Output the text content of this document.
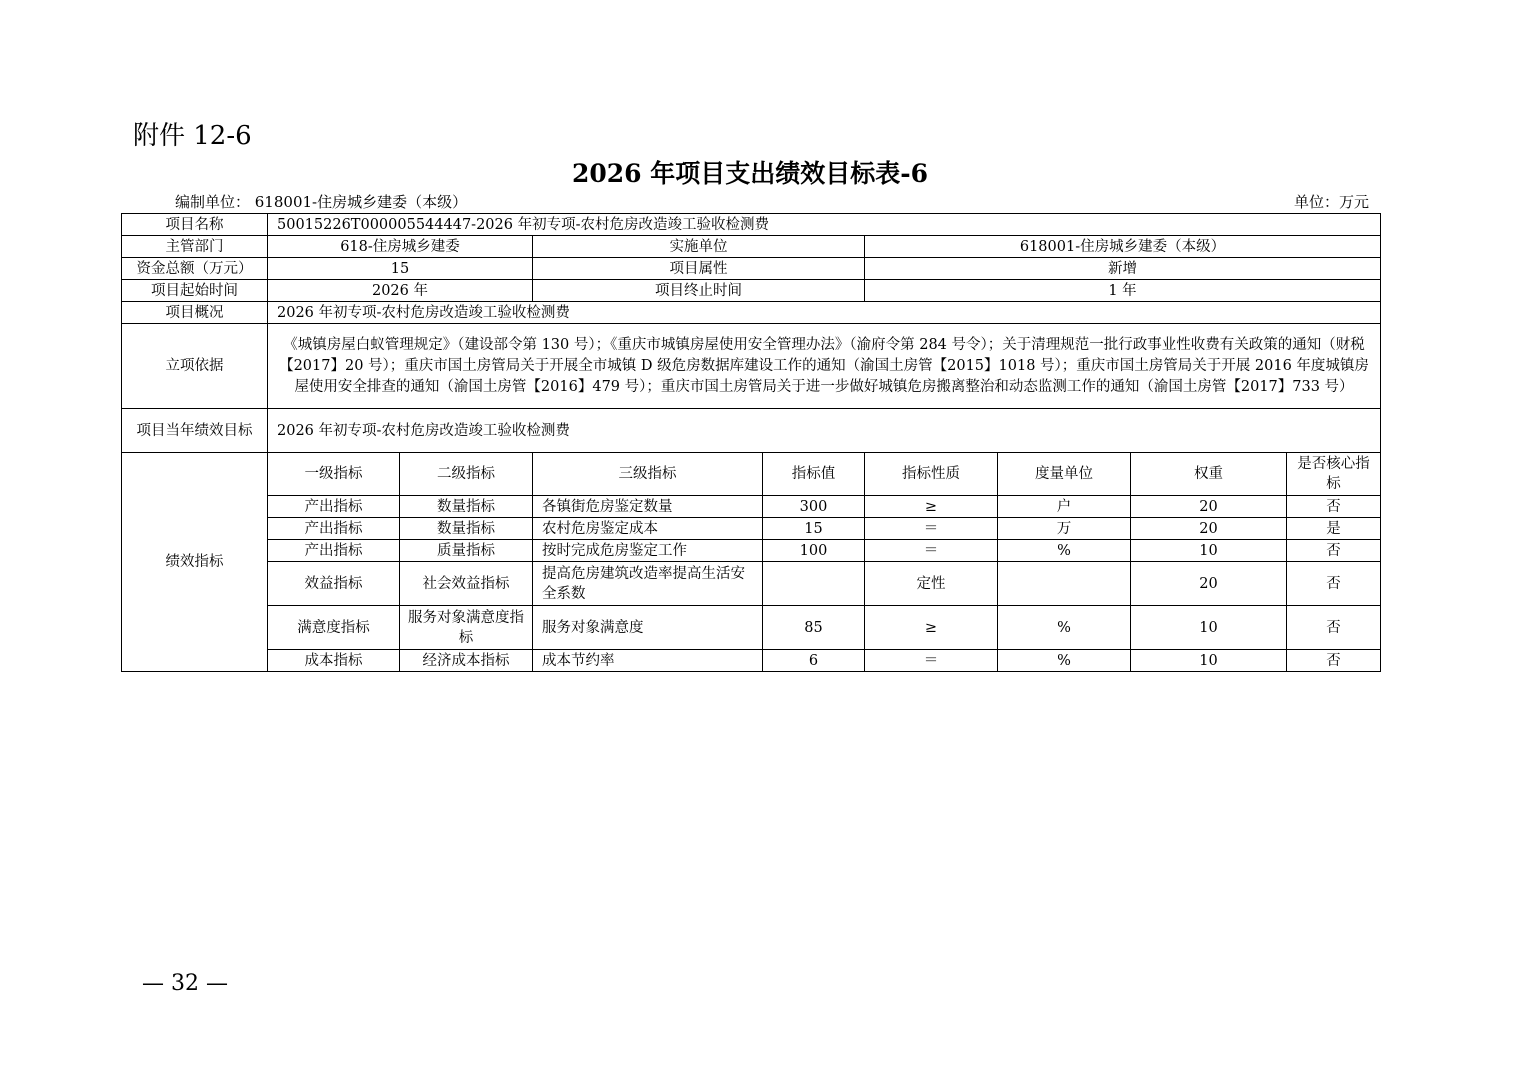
附件 12-6
2026 年项目支出绩效目标表-6
编制单位： 618001-住房城乡建委（本级）	单位：万元
项目名称	50015226T000005544447-2026 年初专项-农村危房改造竣工验收检测费							
主管部门	618-住房城乡建委		实施单位		618001-住房城乡建委（本级）			
资金总额（万元）	15		项目属性		新增			
项目起始时间	2026 年		项目终止时间		1 年			
项目概况	2026 年初专项-农村危房改造竣工验收检测费							
立项依据	《城镇房屋白蚁管理规定》（建设部令第 130 号）；《重庆市城镇房屋使用安全管理办法》（渝府令第 284 号令）；关于清理规范一批行政事业性收费有关政策的通知（财税【2017】20 号）；重庆市国土房管局关于开展全市城镇 D 级危房数据库建设工作的通知（渝国土房管【2015】1018 号）；重庆市国土房管局关于开展 2016 年度城镇房屋使用安全排查的通知（渝国土房管【2016】479 号）；重庆市国土房管局关于进一步做好城镇危房搬离整治和动态监测工作的通知（渝国土房管【2017】733 号）							
项目当年绩效目标	2026 年初专项-农村危房改造竣工验收检测费							
绩效指标	一级指标	二级指标	三级指标	指标值	指标性质	度量单位	权重	是否核心指标
	产出指标	数量指标	各镇街危房鉴定数量	300	≥	户	20	否
	产出指标	数量指标	农村危房鉴定成本	15	＝	万	20	是
	产出指标	质量指标	按时完成危房鉴定工作	100	＝	%	10	否
	效益指标	社会效益指标	提高危房建筑改造率提高生活安全系数		定性		20	否
	满意度指标	服务对象满意度指标	服务对象满意度	85	≥	%	10	否
	成本指标	经济成本指标	成本节约率	6	＝	%	10	否
— 32 —
